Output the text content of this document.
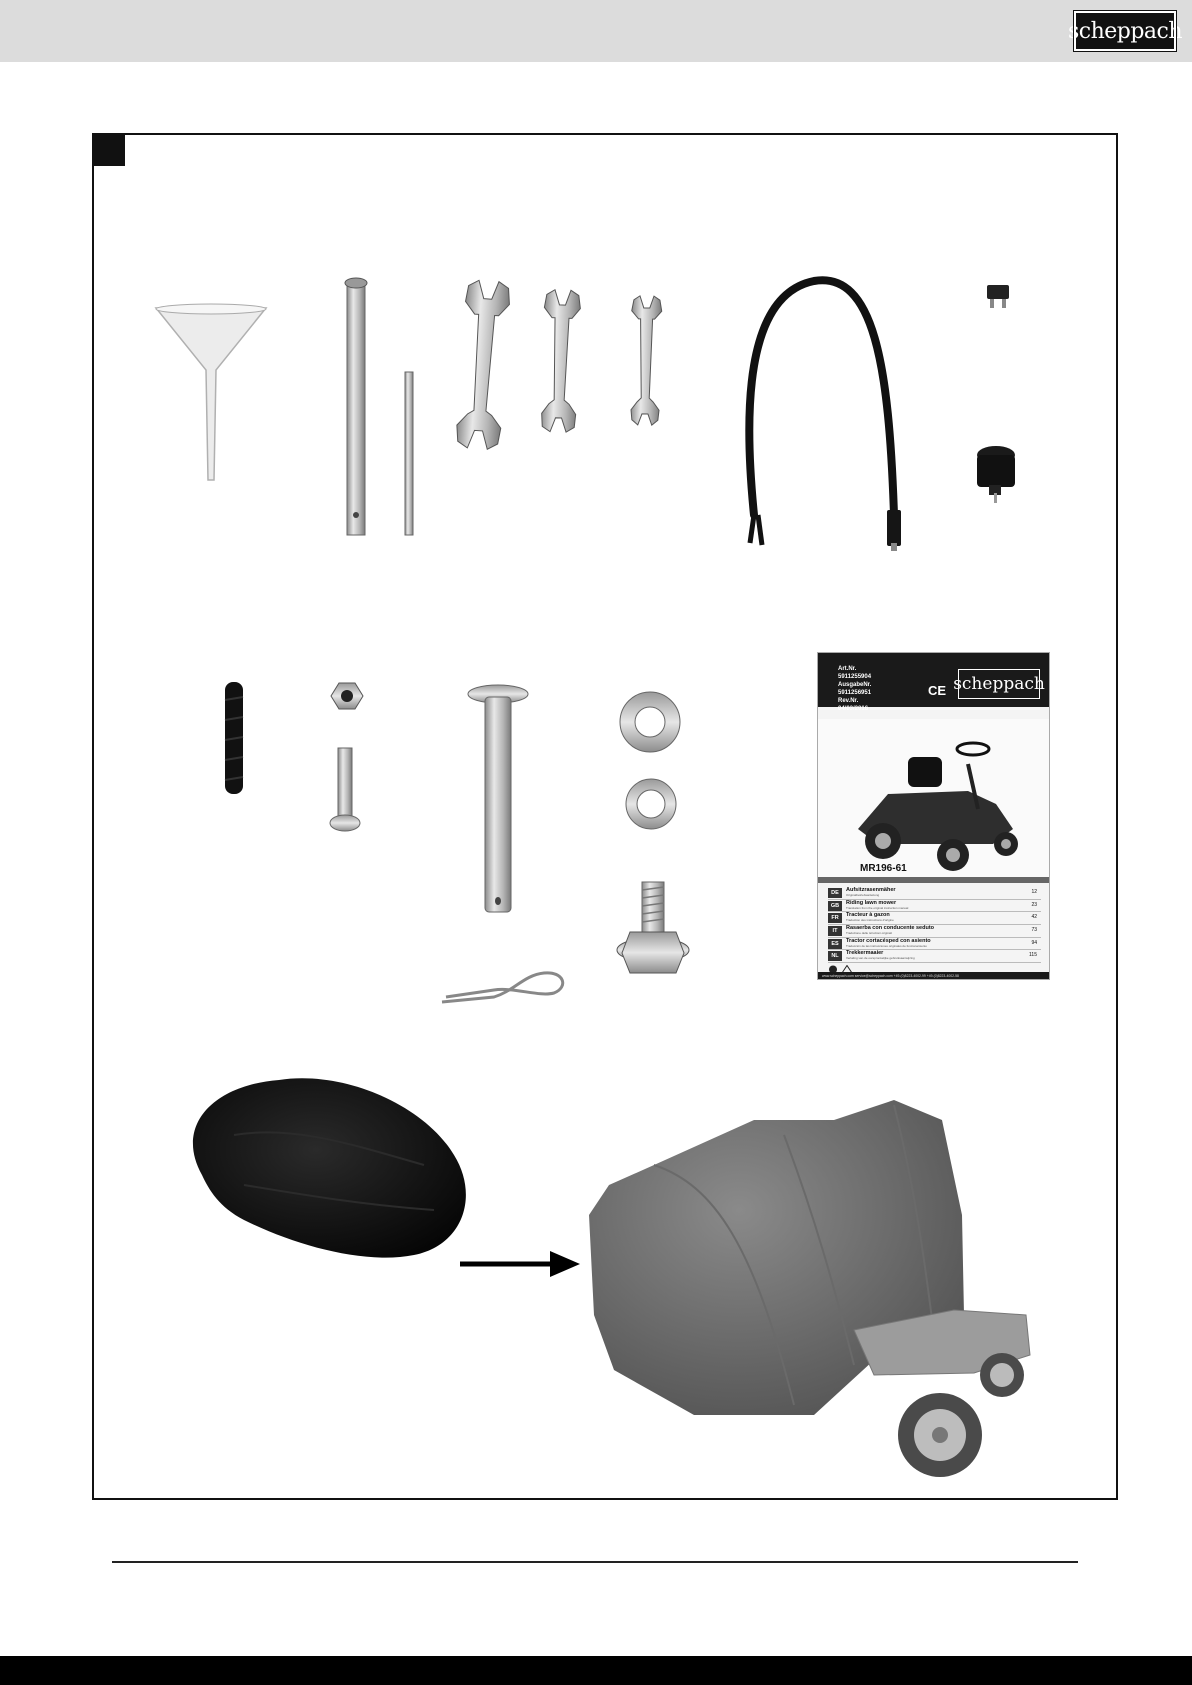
scheppach
Art.Nr.
5911255904
AusgabeNr.
5911256951
Rev.Nr.
04/03/2016
CE scheppach
MR196-61
DE	Aufsitzrasenmäher
Originalbetriebsanleitung	12
GB	Riding lawn mower
Translation from the original instruction manual	23
FR	Tracteur à gazon
Traduction des instructions d'origine	42
IT	Rasaerba con conducente seduto
Traduzione delle istruzioni originali	73
ES	Tractor cortacésped con asiento
Traducción de las instrucciones originales de funcionamiento	94
NL	Trekkermaaier
Vertaling van de oorspronkelijke gebruiksaanwijzing	115
www.scheppach.com service@scheppach.com +49-(0)8223-4002-99 +49-(0)8223-4002-58
